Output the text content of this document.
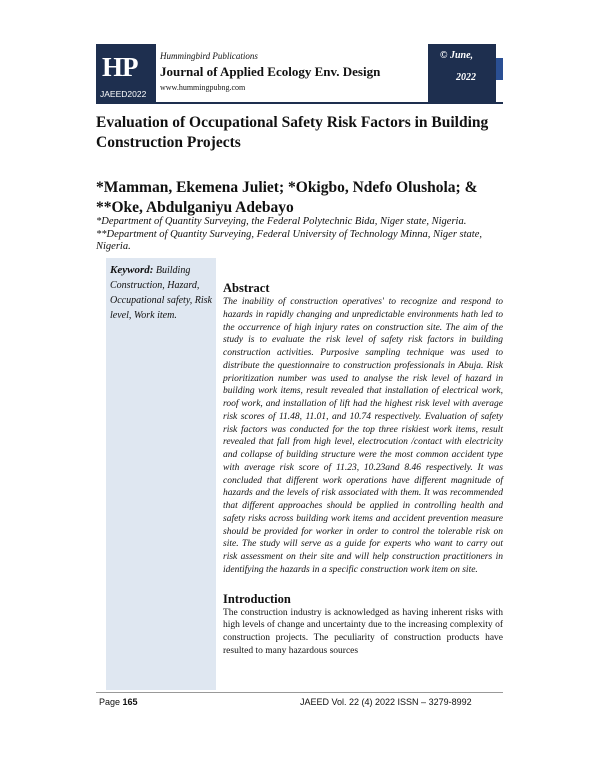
HP
JAEED2022
Hummingbird Publications
Journal of Applied Ecology Env. Design
www.hummingpubng.com
© June,
2022
Evaluation of Occupational Safety Risk Factors in Building Construction Projects
*Mamman, Ekemena Juliet; *Okigbo, Ndefo Olushola; & **Oke, Abdulganiyu Adebayo
*Department of Quantity Surveying, the Federal Polytechnic Bida, Niger state, Nigeria. **Department of Quantity Surveying, Federal University of Technology Minna, Niger state, Nigeria.
Keyword: Building Construction, Hazard, Occupational safety, Risk level, Work item.

Abstract

The inability of construction operatives' to recognize and respond to hazards in rapidly changing and unpredictable environments hath led to the occurrence of high injury rates on construction site. The aim of the study is to evaluate the risk level of safety risk factors in building construction activities. Purposive sampling technique was used to distribute the questionnaire to construction professionals in Abuja. Risk prioritization number was used to analyse the risk level of hazard in building work items, result revealed that installation of electrical work, roof work, and installation of lift had the highest risk level with average risk scores of 11.48, 11.01, and 10.74 respectively. Evaluation of safety risk factors was conducted for the top three riskiest work items, result revealed that fall from high level, electrocution /contact with electricity and collapse of building structure were the most common accident type with average risk score of 11.23, 10.23and 8.46 respectively. It was concluded that different work operations have different magnitude of hazards and the levels of risk associated with them. It was recommended that different approaches should be applied in controlling health and safety risks across building work items and accident prevention measure should be provided for worker in order to control the tolerable risk on site. The study will serve as a guide for experts who want to carry out risk assessment on their site and will help construction practitioners in identifying the hazards in a specific construction work item on site.

Introduction

The construction industry is acknowledged as having inherent risks with high levels of change and uncertainty due to the increasing complexity of construction projects. The peculiarity of construction products have resulted to many hazardous sources

Page 165	JAEED Vol. 22 (4) 2022 ISSN – 3279-8992
